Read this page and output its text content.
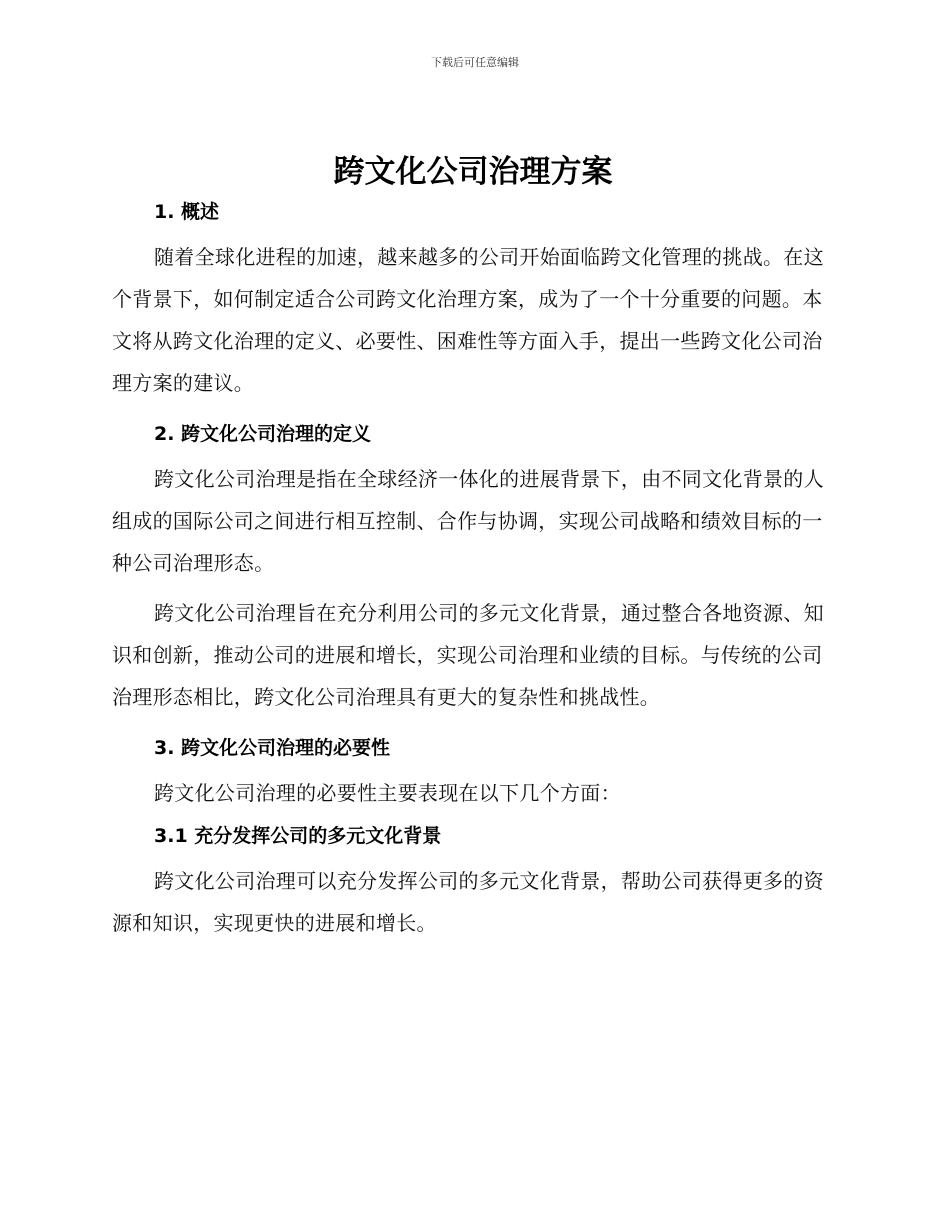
下载后可任意编辑
跨文化公司治理方案
1. 概述

随着全球化进程的加速，越来越多的公司开始面临跨文化管理的挑战。在这个背景下，如何制定适合公司跨文化治理方案，成为了一个十分重要的问题。本文将从跨文化治理的定义、必要性、困难性等方面入手，提出一些跨文化公司治理方案的建议。

2. 跨文化公司治理的定义

跨文化公司治理是指在全球经济一体化的进展背景下，由不同文化背景的人组成的国际公司之间进行相互控制、合作与协调，实现公司战略和绩效目标的一种公司治理形态。

跨文化公司治理旨在充分利用公司的多元文化背景，通过整合各地资源、知识和创新，推动公司的进展和增长，实现公司治理和业绩的目标。与传统的公司治理形态相比，跨文化公司治理具有更大的复杂性和挑战性。

3. 跨文化公司治理的必要性

跨文化公司治理的必要性主要表现在以下几个方面：

3.1 充分发挥公司的多元文化背景

跨文化公司治理可以充分发挥公司的多元文化背景，帮助公司获得更多的资源和知识，实现更快的进展和增长。
